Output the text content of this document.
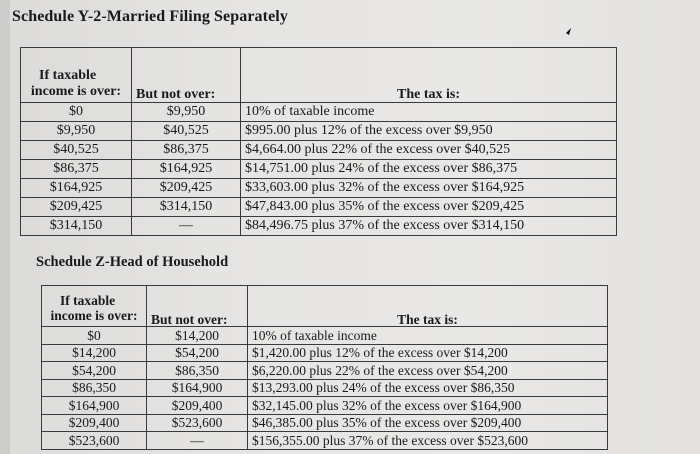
Schedule Y-2-Married Filing Separately
If taxable
income is over:	But not over:	The tax is:
$0	$9,950	10% of taxable income
$9,950	$40,525	$995.00 plus 12% of the excess over $9,950
$40,525	$86,375	$4,664.00 plus 22% of the excess over $40,525
$86,375	$164,925	$14,751.00 plus 24% of the excess over $86,375
$164,925	$209,425	$33,603.00 plus 32% of the excess over $164,925
$209,425	$314,150	$47,843.00 plus 35% of the excess over $209,425
$314,150	—	$84,496.75 plus 37% of the excess over $314,150
Schedule Z-Head of Household
If taxable
income is over:	But not over:	The tax is:
$0	$14,200	10% of taxable income
$14,200	$54,200	$1,420.00 plus 12% of the excess over $14,200
$54,200	$86,350	$6,220.00 plus 22% of the excess over $54,200
$86,350	$164,900	$13,293.00 plus 24% of the excess over $86,350
$164,900	$209,400	$32,145.00 plus 32% of the excess over $164,900
$209,400	$523,600	$46,385.00 plus 35% of the excess over $209,400
$523,600	—	$156,355.00 plus 37% of the excess over $523,600
